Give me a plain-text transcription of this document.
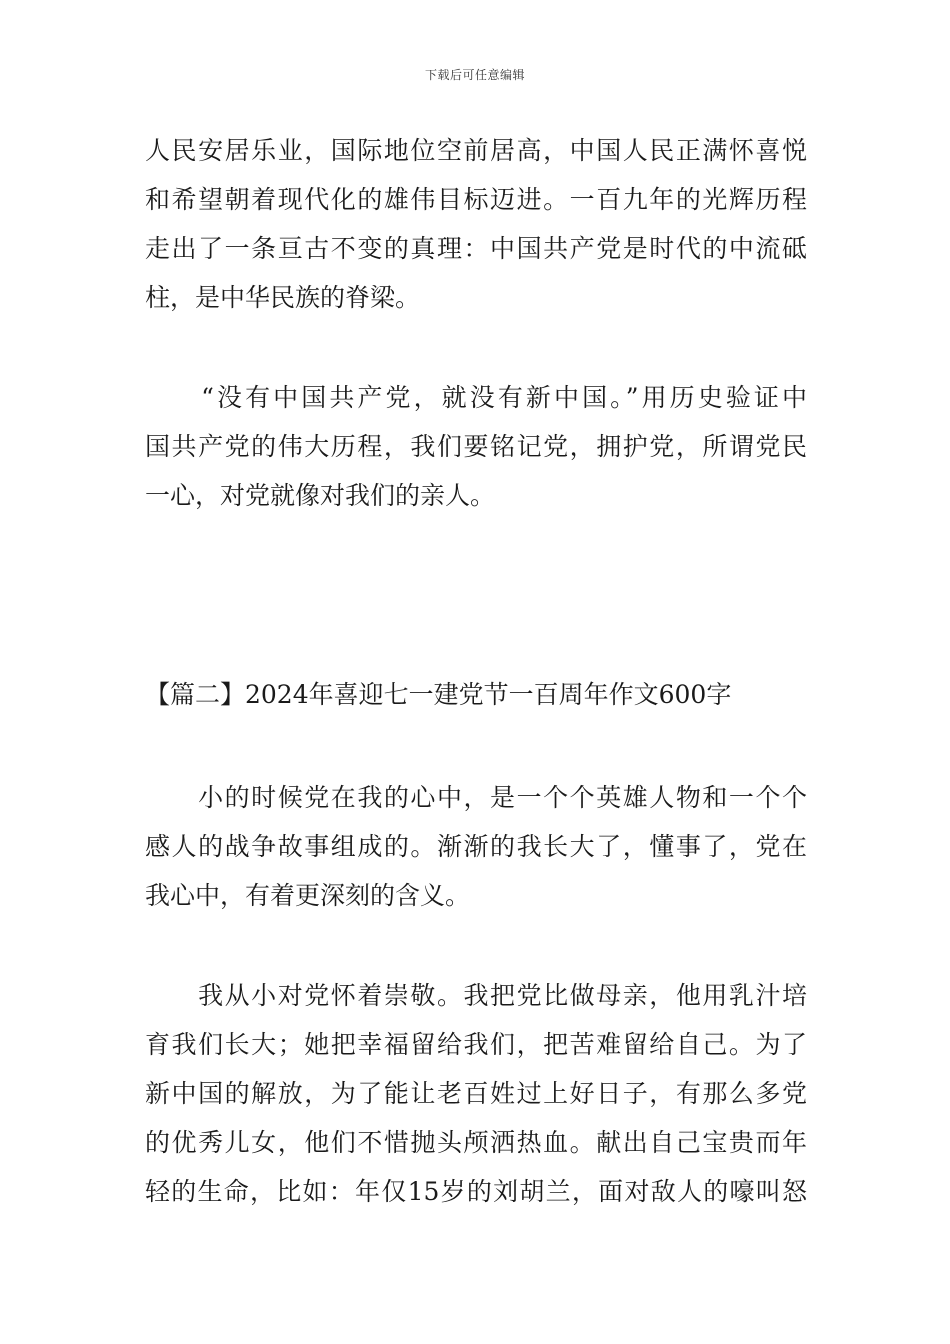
下载后可任意编辑
人民安居乐业，国际地位空前居高，中国人民正满怀喜悦
和希望朝着现代化的雄伟目标迈进。一百九年的光辉历程
走出了一条亘古不变的真理：中国共产党是时代的中流砥
柱，是中华民族的脊梁。
　　“没有中国共产党，就没有新中国。”用历史验证中
国共产党的伟大历程，我们要铭记党，拥护党，所谓党民
一心，对党就像对我们的亲人。
【篇二】2024年喜迎七一建党节一百周年作文600字
　　小的时候党在我的心中，是一个个英雄人物和一个个
感人的战争故事组成的。渐渐的我长大了，懂事了，党在
我心中，有着更深刻的含义。
　　我从小对党怀着崇敬。我把党比做母亲，他用乳汁培
育我们长大；她把幸福留给我们，把苦难留给自己。为了
新中国的解放，为了能让老百姓过上好日子，有那么多党
的优秀儿女，他们不惜抛头颅洒热血。献出自己宝贵而年
轻的生命，比如：年仅15岁的刘胡兰，面对敌人的嚎叫怒
